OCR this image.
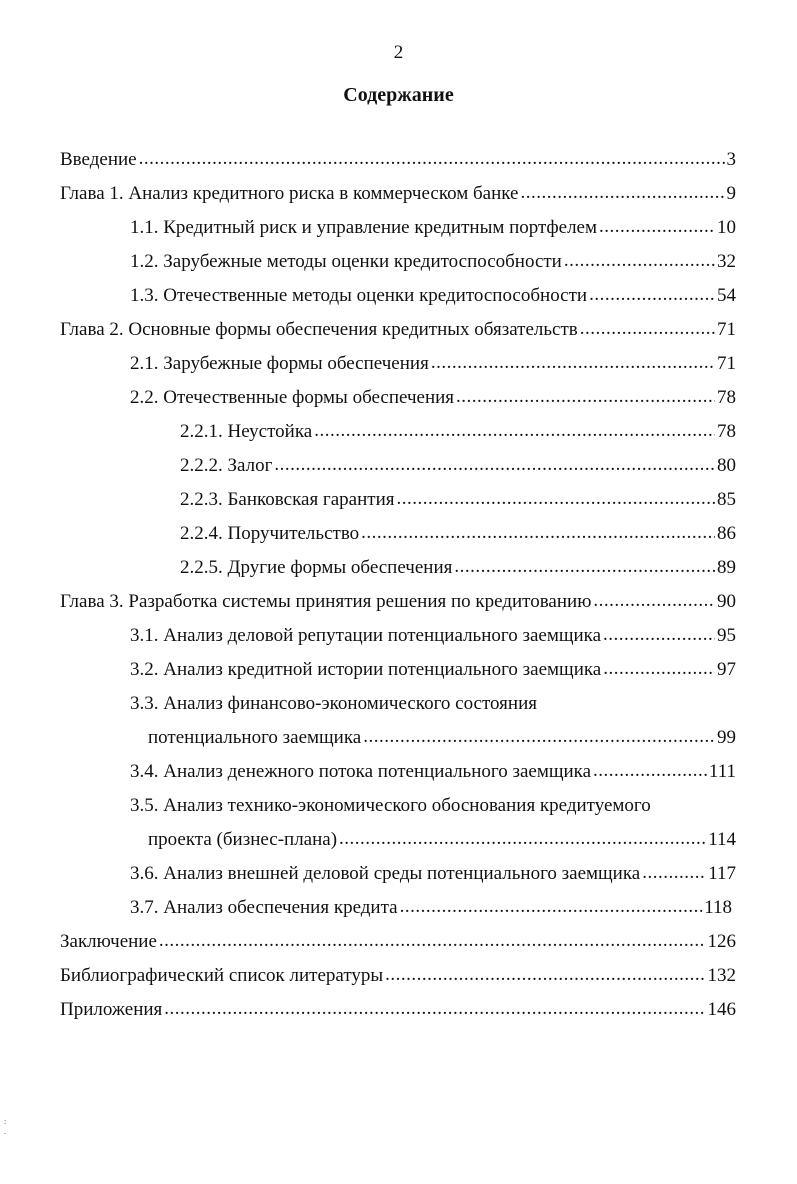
2
Содержание
Введение .....	3
Глава 1. Анализ кредитного риска в коммерческом банке .....	9
1.1. Кредитный риск и управление кредитным портфелем .....	10
1.2. Зарубежные методы оценки кредитоспособности .....	32
1.3. Отечественные методы оценки кредитоспособности .....	54
Глава 2. Основные формы обеспечения кредитных обязательств .....	71
2.1. Зарубежные формы обеспечения .....	71
2.2. Отечественные формы обеспечения .....	78
2.2.1. Неустойка .....	78
2.2.2. Залог .....	80
2.2.3. Банковская гарантия .....	85
2.2.4. Поручительство .....	86
2.2.5. Другие формы обеспечения .....	89
Глава 3. Разработка системы принятия решения по кредитованию .....	90
3.1. Анализ деловой репутации потенциального заемщика .....	95
3.2. Анализ кредитной истории потенциального заемщика .....	97
3.3. Анализ финансово-экономического состояния
потенциального заемщика .....	99
3.4. Анализ денежного потока потенциального заемщика .....	111
3.5. Анализ технико-экономического обоснования кредитуемого
проекта (бизнес-плана) .....	114
3.6. Анализ внешней деловой среды потенциального заемщика .....	117
3.7. Анализ обеспечения кредита .....	118
Заключение .....	126
Библиографический список литературы .....	132
Приложения .....	146
:
.
